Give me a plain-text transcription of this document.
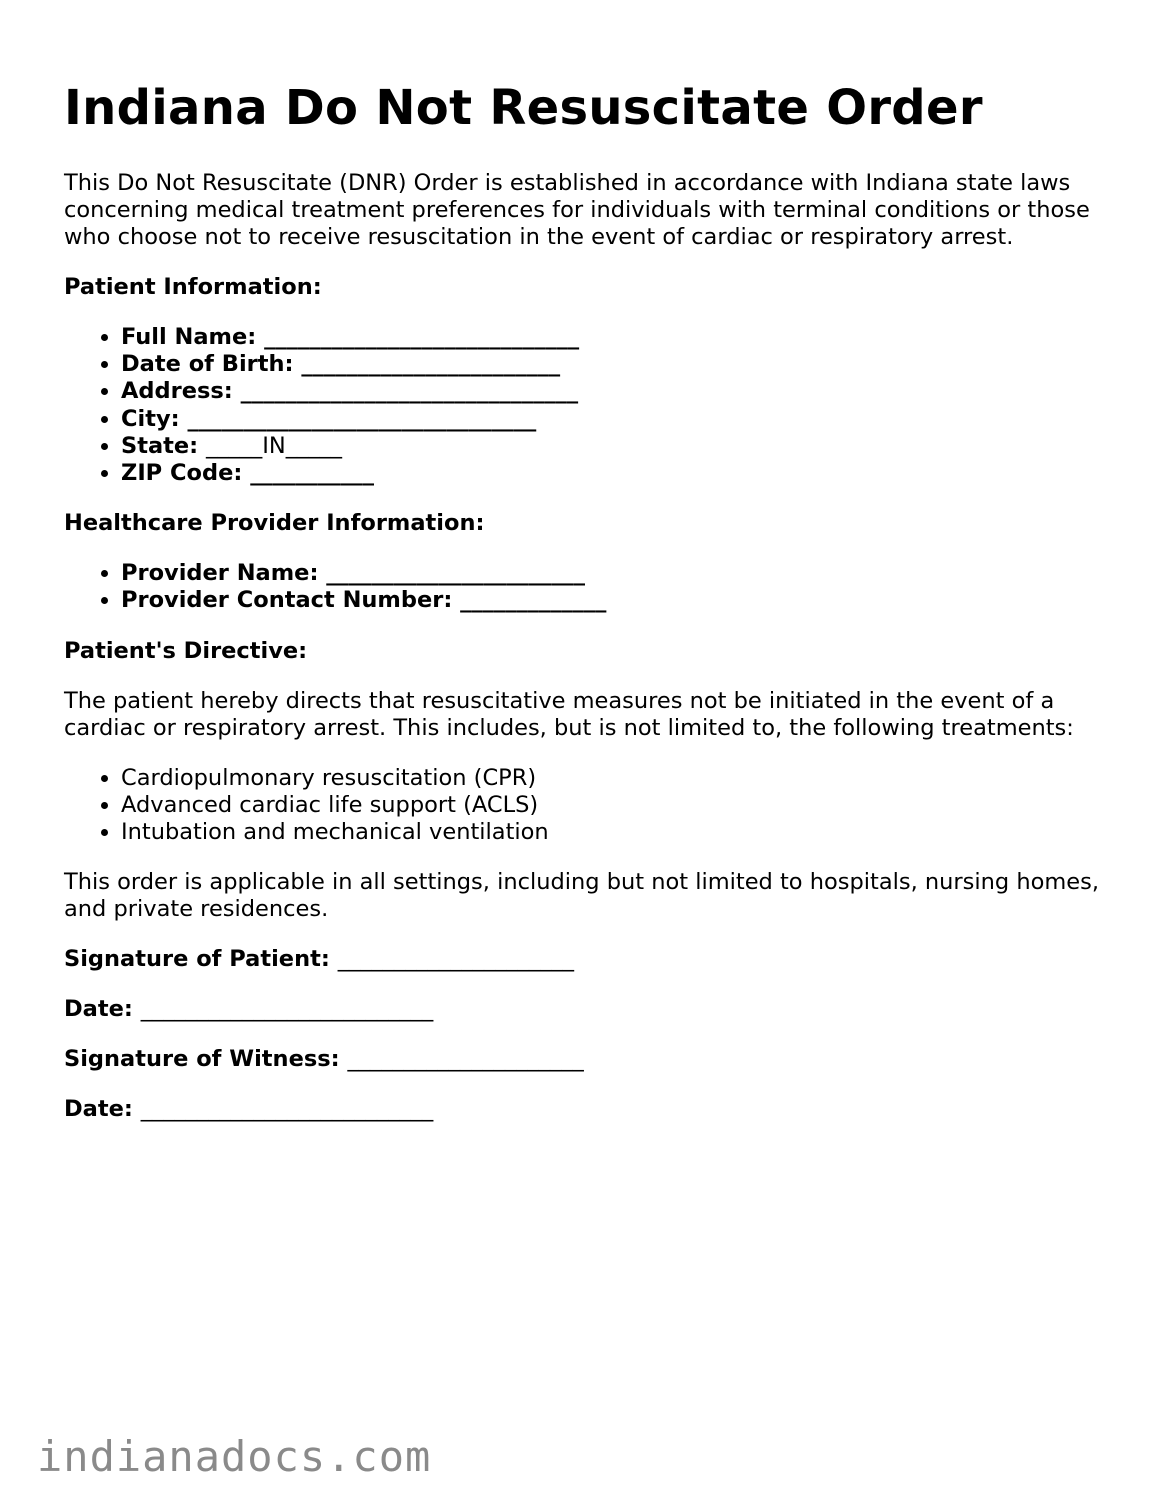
Indiana Do Not Resuscitate Order

This Do Not Resuscitate (DNR) Order is established in accordance with Indiana state laws concerning medical treatment preferences for individuals with terminal conditions or those who choose not to receive resuscitation in the event of cardiac or respiratory arrest.

Patient Information:
• Full Name: ____________________________
• Date of Birth: _______________________
• Address: ______________________________
• City: _______________________________
• State: _____IN_____
• ZIP Code: ___________
Healthcare Provider Information:
• Provider Name: _______________________
• Provider Contact Number: _____________
Patient's Directive:

The patient hereby directs that resuscitative measures not be initiated in the event of a cardiac or respiratory arrest. This includes, but is not limited to, the following treatments:

• Cardiopulmonary resuscitation (CPR)
• Advanced cardiac life support (ACLS)
• Intubation and mechanical ventilation

This order is applicable in all settings, including but not limited to hospitals, nursing homes, and private residences.

Signature of Patient: _____________________
Date: __________________________
Signature of Witness: _____________________
Date: __________________________
indianadocs.com
